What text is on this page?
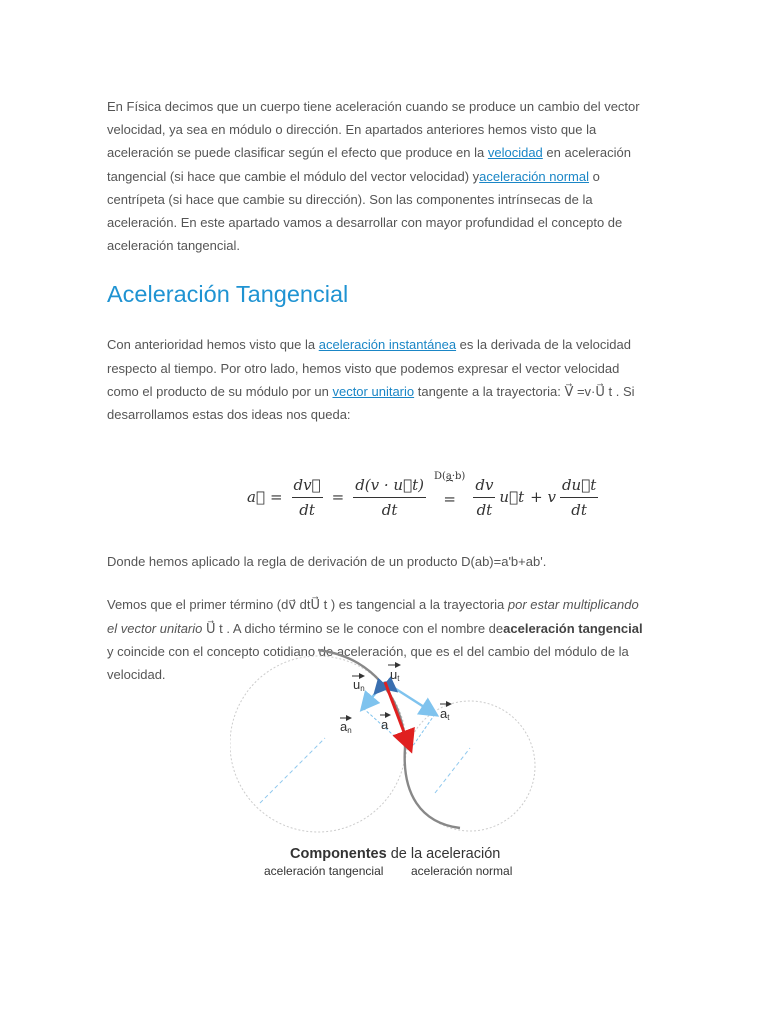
En Física decimos que un cuerpo tiene aceleración cuando se produce un cambio del vector velocidad, ya sea en módulo o dirección. En apartados anteriores hemos visto que la aceleración se puede clasificar según el efecto que produce en la velocidad en aceleración tangencial (si hace que cambie el módulo del vector velocidad) yaceleración normal o centrípeta (si hace que cambie su dirección). Son las componentes intrínsecas de la aceleración. En este apartado vamos a desarrollar con mayor profundidad el concepto de aceleración tangencial.

Aceleración Tangencial

Con anterioridad hemos visto que la aceleración instantánea es la derivada de la velocidad respecto al tiempo. Por otro lado, hemos visto que podemos expresar el vector velocidad como el producto de su módulo por un vector unitario tangente a la trayectoria: V⃗ =v·U⃗ t . Si desarrollamos estas dos ideas nos queda:

a⃗ = $\frac{dv⃗}{dt} = \frac{d(v \cdot u⃗t)}{dt} D(a\cdot b)$
⏞
= $\frac{dv}{dt}$ u⃗t + v $\frac{du⃗t}{dt}$

Donde hemos aplicado la regla de derivación de un producto D(ab)=a'b+ab'.

Vemos que el primer término (dv⃗ dtU⃗ t ) es tangencial a la trayectoria por estar multiplicando el vector unitario U⃗ t . A dicho término se le conoce con el nombre deaceleración tangencial y coincide con el concepto cotidiano de aceleración, que es el del cambio del módulo de la velocidad.	ut
un
at
an a
Componentes de la aceleración
aceleración tangencial aceleración normal
